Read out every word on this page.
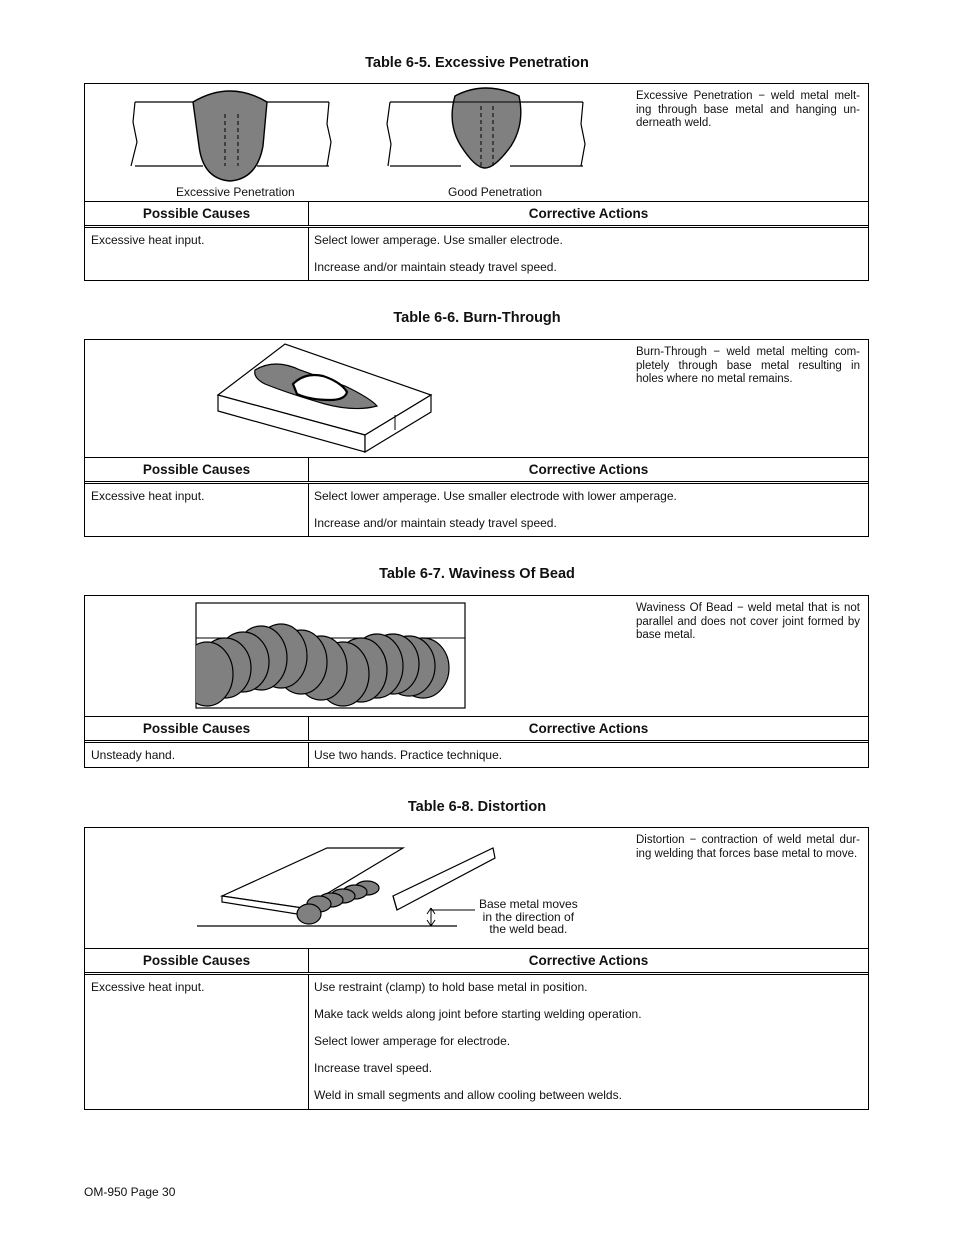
Table 6-5. Excessive Penetration
Excessive Penetration	Good Penetration
Excessive Penetration − weld metal melt-ing through base metal and hanging un-derneath weld.
Possible Causes	Corrective Actions
Excessive heat input.	Select lower amperage. Use smaller electrode.

Increase and/or maintain steady travel speed.

Table 6-6. Burn-Through
Burn-Through − weld metal melting com-pletely through base metal resulting in holes where no metal remains.
Possible Causes	Corrective Actions
Excessive heat input.	Select lower amperage. Use smaller electrode with lower amperage.

Increase and/or maintain steady travel speed.

Table 6-7. Waviness Of Bead
Waviness Of Bead − weld metal that is not parallel and does not cover joint formed by base metal.
Possible Causes	Corrective Actions
Unsteady hand.	Use two hands. Practice technique.

Table 6-8. Distortion
Base metal moves
in the direction of
the weld bead.
Distortion − contraction of weld metal dur-ing welding that forces base metal to move.
Possible Causes	Corrective Actions
Excessive heat input.	Use restraint (clamp) to hold base metal in position.

Make tack welds along joint before starting welding operation.

Select lower amperage for electrode.

Increase travel speed.

Weld in small segments and allow cooling between welds.

OM-950 Page 30
